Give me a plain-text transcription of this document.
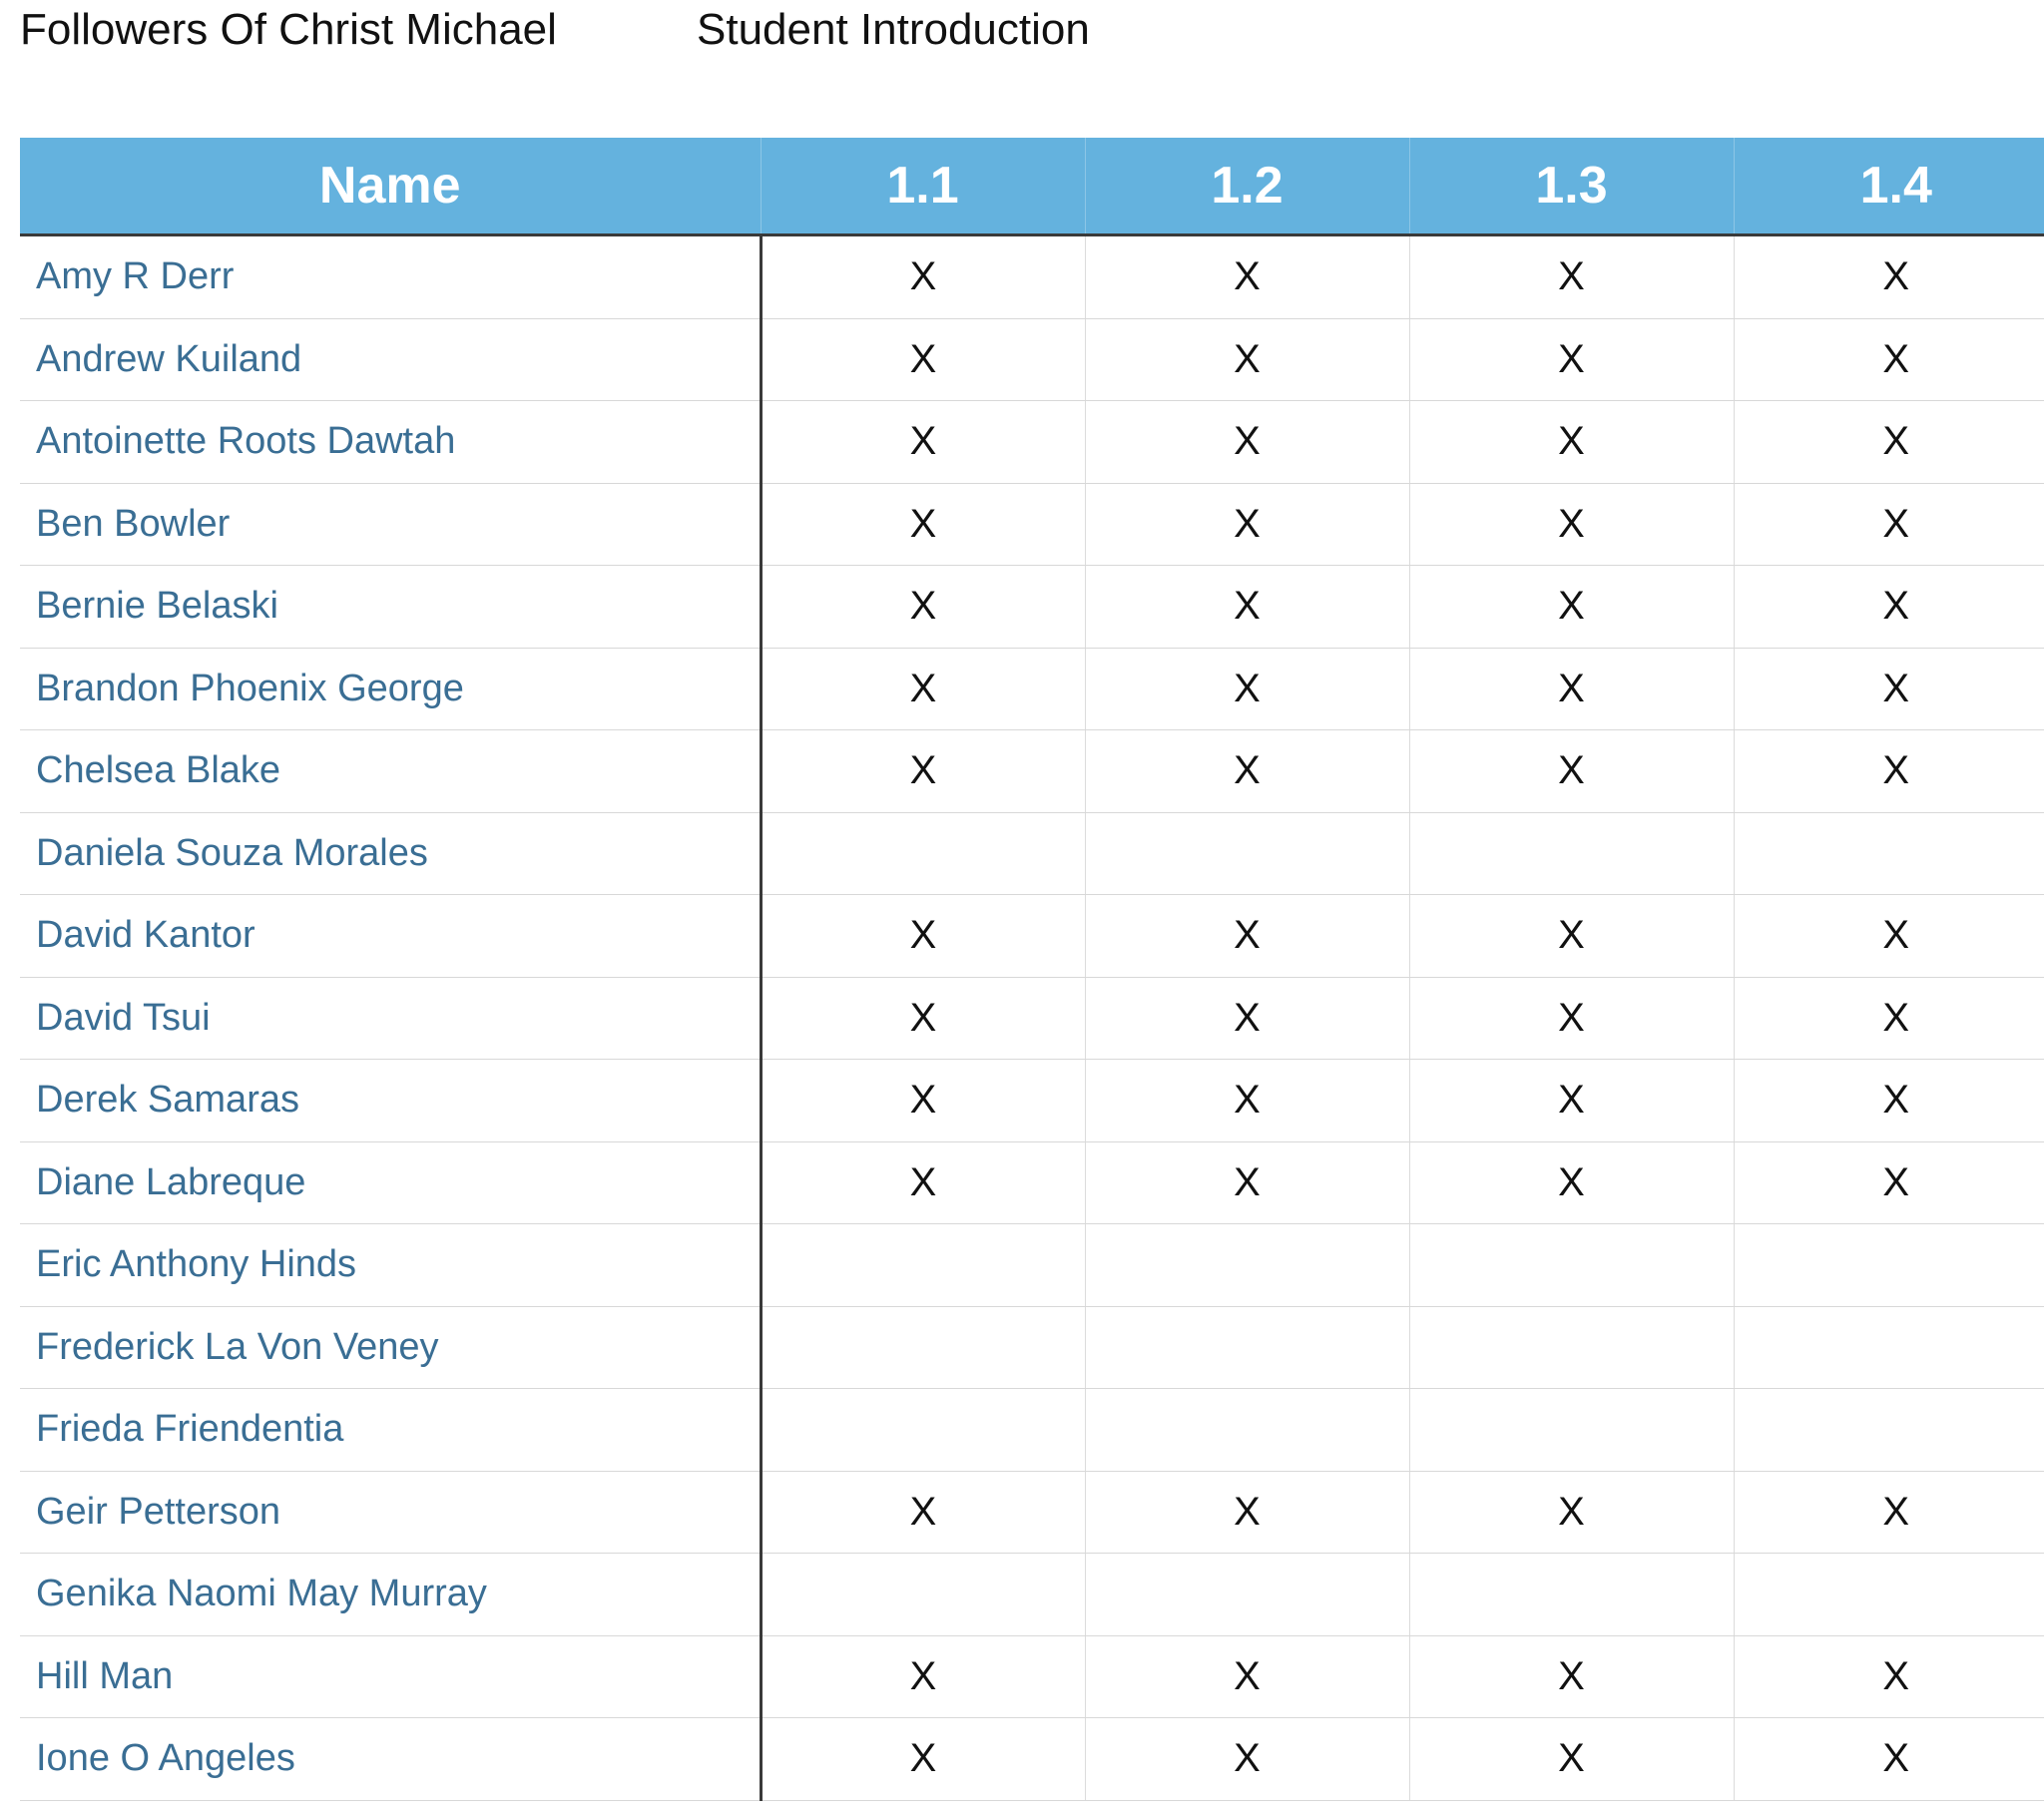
Followers Of Christ Michael	Student Introduction
Name	1.1	1.2	1.3	1.4
Amy R Derr	X	X	X	X
Andrew Kuiland	X	X	X	X
Antoinette Roots Dawtah	X	X	X	X
Ben Bowler	X	X	X	X
Bernie Belaski	X	X	X	X
Brandon Phoenix George	X	X	X	X
Chelsea Blake	X	X	X	X
Daniela Souza Morales				
David Kantor	X	X	X	X
David Tsui	X	X	X	X
Derek Samaras	X	X	X	X
Diane Labreque	X	X	X	X
Eric Anthony Hinds				
Frederick La Von Veney				
Frieda Friendentia				
Geir Petterson	X	X	X	X
Genika Naomi May Murray				
Hill Man	X	X	X	X
Ione O Angeles	X	X	X	X
